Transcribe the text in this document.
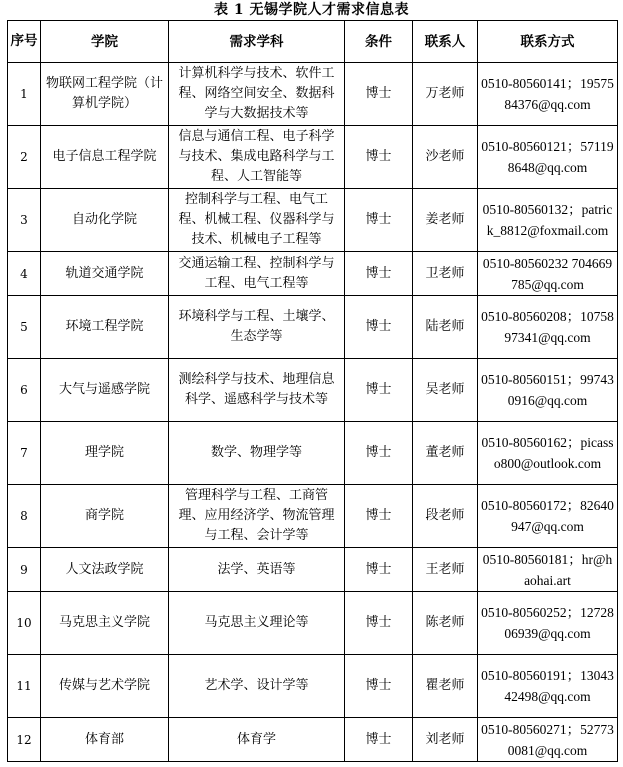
表 1 无锡学院人才需求信息表
序号	学院	需求学科	条件	联系人	联系方式
1	物联网工程学院（计算机学院）	计算机科学与技术、软件工程、网络空间安全、数据科学与大数据技术等	博士	万老师	0510-80560141；1957584376@qq.com
2	电子信息工程学院	信息与通信工程、电子科学与技术、集成电路科学与工程、人工智能等	博士	沙老师	0510-80560121；571198648@qq.com
3	自动化学院	控制科学与工程、电气工程、机械工程、仪器科学与技术、机械电子工程等	博士	姜老师	0510-80560132；patrick_8812@foxmail.com
4	轨道交通学院	交通运输工程、控制科学与工程、电气工程等	博士	卫老师	0510-80560232 704669785@qq.com
5	环境工程学院	环境科学与工程、土壤学、生态学等	博士	陆老师	0510-80560208；1075897341@qq.com
6	大气与遥感学院	测绘科学与技术、地理信息科学、遥感科学与技术等	博士	吴老师	0510-80560151；997430916@qq.com
7	理学院	数学、物理学等	博士	董老师	0510-80560162；picasso800@outlook.com
8	商学院	管理科学与工程、工商管理、应用经济学、物流管理与工程、会计学等	博士	段老师	0510-80560172；82640947@qq.com
9	人文法政学院	法学、英语等	博士	王老师	0510-80560181；hr@haohai.art
10	马克思主义学院	马克思主义理论等	博士	陈老师	0510-80560252；1272806939@qq.com
11	传媒与艺术学院	艺术学、设计学等	博士	瞿老师	0510-80560191；1304342498@qq.com
12	体育部	体育学	博士	刘老师	0510-80560271；527730081@qq.com
